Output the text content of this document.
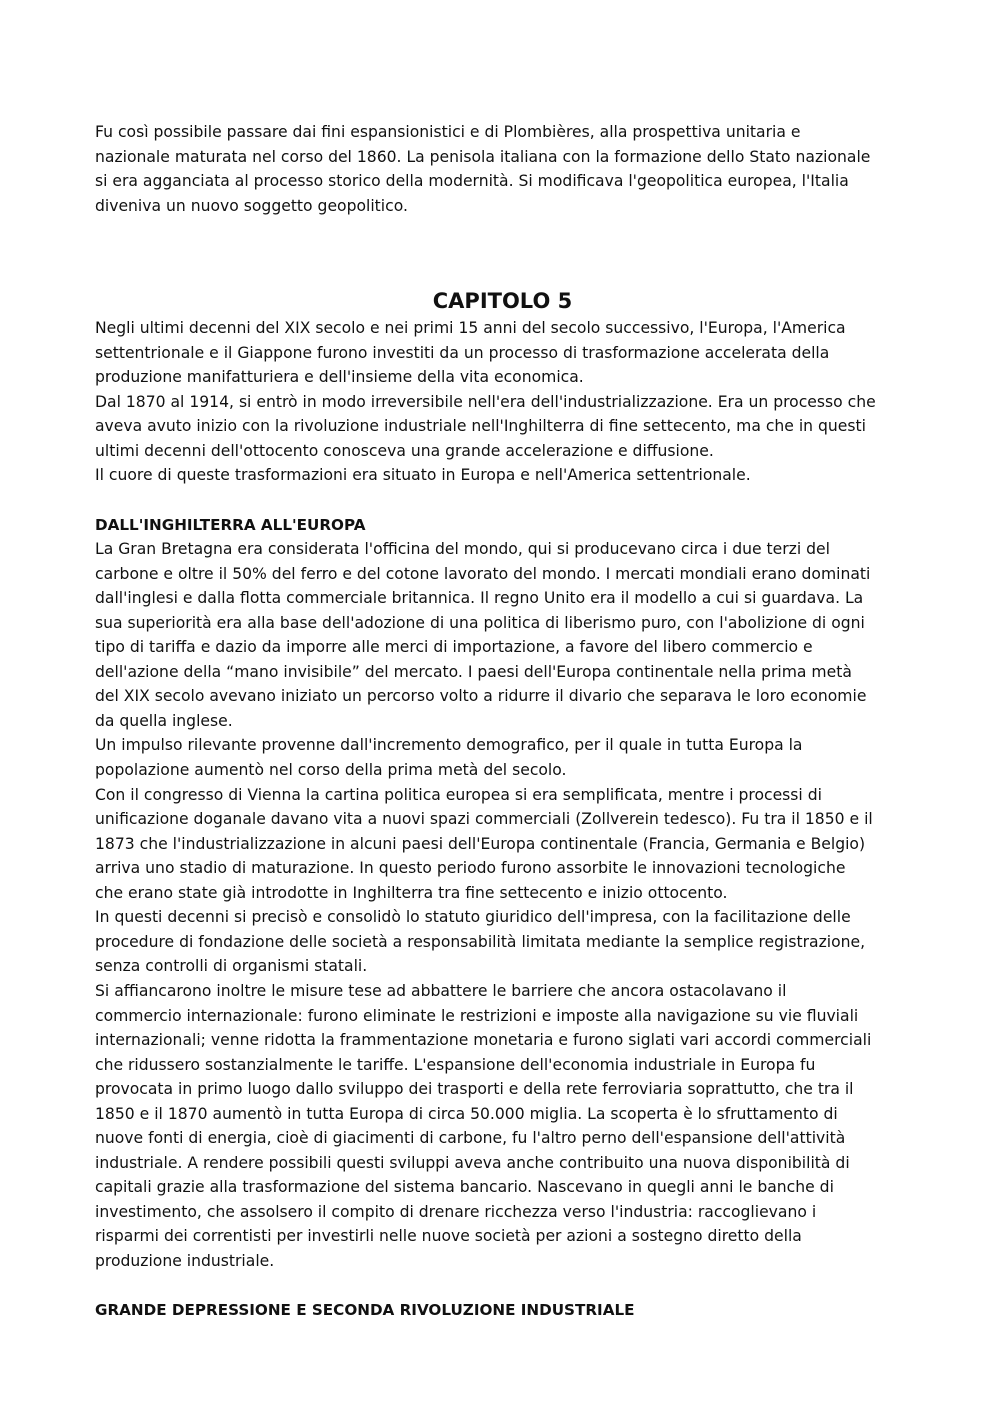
Fu così possibile passare dai fini espansionistici e di Plombières, alla prospettiva unitaria e
nazionale maturata nel corso del 1860. La penisola italiana con la formazione dello Stato nazionale
si era agganciata al processo storico della modernità. Si modificava l'geopolitica europea, l'Italia
diveniva un nuovo soggetto geopolitico.
CAPITOLO 5
Negli ultimi decenni del XIX secolo e nei primi 15 anni del secolo successivo, l'Europa, l'America
settentrionale e il Giappone furono investiti da un processo di trasformazione accelerata della
produzione manifatturiera e dell'insieme della vita economica.
Dal 1870 al 1914, si entrò in modo irreversibile nell'era dell'industrializzazione. Era un processo che
aveva avuto inizio con la rivoluzione industriale nell'Inghilterra di fine settecento, ma che in questi
ultimi decenni dell'ottocento conosceva una grande accelerazione e diffusione.
Il cuore di queste trasformazioni era situato in Europa e nell'America settentrionale.
DALL'INGHILTERRA ALL'EUROPA
La Gran Bretagna era considerata l'officina del mondo, qui si producevano circa i due terzi del
carbone e oltre il 50% del ferro e del cotone lavorato del mondo. I mercati mondiali erano dominati
dall'inglesi e dalla flotta commerciale britannica. Il regno Unito era il modello a cui si guardava. La
sua superiorità era alla base dell'adozione di una politica di liberismo puro, con l'abolizione di ogni
tipo di tariffa e dazio da imporre alle merci di importazione, a favore del libero commercio e
dell'azione della “mano invisibile” del mercato. I paesi dell'Europa continentale nella prima metà
del XIX secolo avevano iniziato un percorso volto a ridurre il divario che separava le loro economie
da quella inglese.
Un impulso rilevante provenne dall'incremento demografico, per il quale in tutta Europa la
popolazione aumentò nel corso della prima metà del secolo.
Con il congresso di Vienna la cartina politica europea si era semplificata, mentre i processi di
unificazione doganale davano vita a nuovi spazi commerciali (Zollverein tedesco). Fu tra il 1850 e il
1873 che l'industrializzazione in alcuni paesi dell'Europa continentale (Francia, Germania e Belgio)
arriva uno stadio di maturazione. In questo periodo furono assorbite le innovazioni tecnologiche
che erano state già introdotte in Inghilterra tra fine settecento e inizio ottocento.
In questi decenni si precisò e consolidò lo statuto giuridico dell'impresa, con la facilitazione delle
procedure di fondazione delle società a responsabilità limitata mediante la semplice registrazione,
senza controlli di organismi statali.
Si affiancarono inoltre le misure tese ad abbattere le barriere che ancora ostacolavano il
commercio internazionale: furono eliminate le restrizioni e imposte alla navigazione su vie fluviali
internazionali; venne ridotta la frammentazione monetaria e furono siglati vari accordi commerciali
che ridussero sostanzialmente le tariffe. L'espansione dell'economia industriale in Europa fu
provocata in primo luogo dallo sviluppo dei trasporti e della rete ferroviaria soprattutto, che tra il
1850 e il 1870 aumentò in tutta Europa di circa 50.000 miglia. La scoperta è lo sfruttamento di
nuove fonti di energia, cioè di giacimenti di carbone, fu l'altro perno dell'espansione dell'attività
industriale. A rendere possibili questi sviluppi aveva anche contribuito una nuova disponibilità di
capitali grazie alla trasformazione del sistema bancario. Nascevano in quegli anni le banche di
investimento, che assolsero il compito di drenare ricchezza verso l'industria: raccoglievano i
risparmi dei correntisti per investirli nelle nuove società per azioni a sostegno diretto della
produzione industriale.
GRANDE DEPRESSIONE E SECONDA RIVOLUZIONE INDUSTRIALE
